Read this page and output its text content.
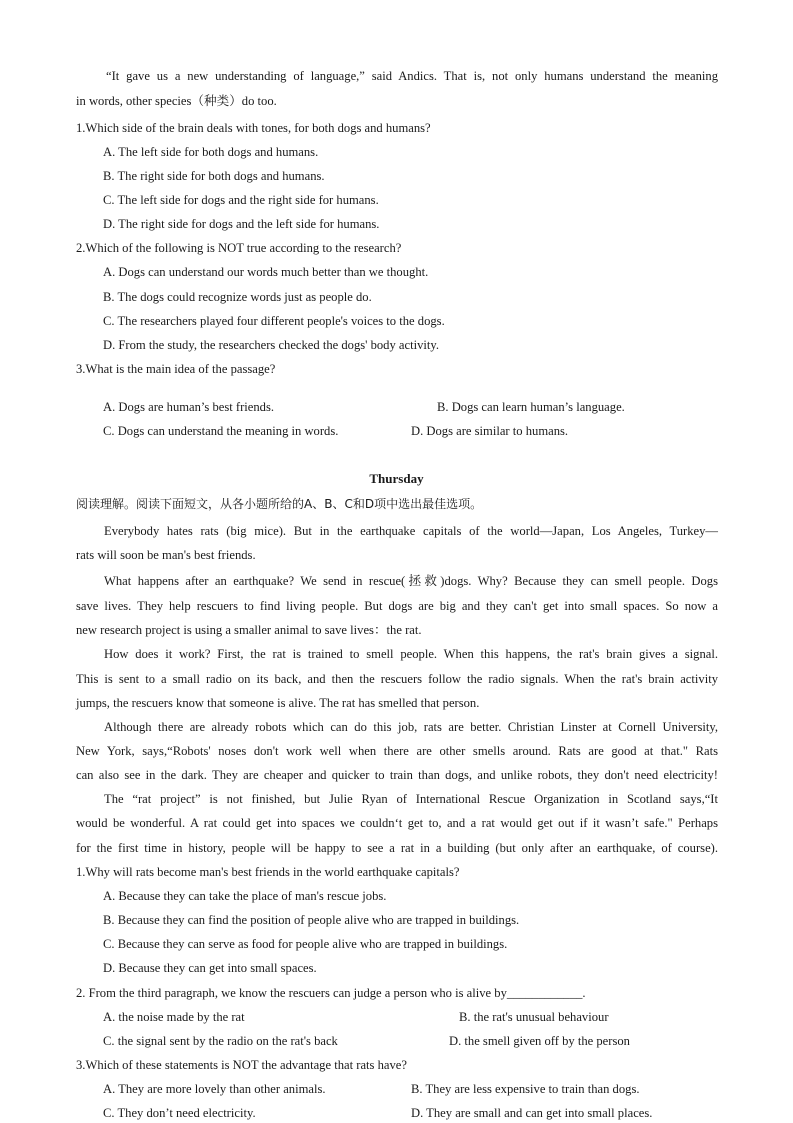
“It gave us a new understanding of language,” said Andics. That is, not only humans understand the meaning
in words, other species（种类）do too.
1.Which side of the brain deals with tones, for both dogs and humans?
A. The left side for both dogs and humans.
B. The right side for both dogs and humans.
C. The left side for dogs and the right side for humans.
D. The right side for dogs and the left side for humans.
2.Which of the following is NOT true according to the research?
A. Dogs can understand our words much better than we thought.
B. The dogs could recognize words just as people do.
C. The researchers played four different people's voices to the dogs.
D. From the study, the researchers checked the dogs' body activity.
3.What is the main idea of the passage?
A. Dogs are human’s best friends.	B. Dogs can learn human’s language.
C. Dogs can understand the meaning in words.	D. Dogs are similar to humans.
Thursday
阅读理解。阅读下面短文，从各小题所给的A、B、C和D项中选出最佳选项。
Everybody hates rats (big mice). But in the earthquake capitals of the world—Japan, Los Angeles, Turkey—
rats will soon be man's best friends.
What happens after an earthquake? We send in rescue(拯救)dogs. Why? Because they can smell people. Dogs
save lives. They help rescuers to find living people. But dogs are big and they can't get into small spaces. So now a
new research project is using a smaller animal to save lives：the rat.
How does it work? First, the rat is trained to smell people. When this happens, the rat's brain gives a signal.
This is sent to a small radio on its back, and then the rescuers follow the radio signals. When the rat's brain activity
jumps, the rescuers know that someone is alive. The rat has smelled that person.
Although there are already robots which can do this job, rats are better. Christian Linster at Cornell University,
New York, says,“Robots' noses don't work well when there are other smells around. Rats are good at that." Rats
can also see in the dark. They are cheaper and quicker to train than dogs, and unlike robots, they don't need electricity!
The “rat project” is not finished, but Julie Ryan of International Rescue Organization in Scotland says,“It
would be wonderful. A rat could get into spaces we couldn‘t get to, and a rat would get out if it wasn’t safe." Perhaps
for the first time in history, people will be happy to see a rat in a building (but only after an earthquake, of course).
1.Why will rats become man's best friends in the world earthquake capitals?
A. Because they can take the place of man's rescue jobs.
B. Because they can find the position of people alive who are trapped in buildings.
C. Because they can serve as food for people alive who are trapped in buildings.
D. Because they can get into small spaces.
2. From the third paragraph, we know the rescuers can judge a person who is alive by____________.
A. the noise made by the rat	B. the rat's unusual behaviour
C. the signal sent by the radio on the rat's back	D. the smell given off by the person
3.Which of these statements is NOT the advantage that rats have?
A. They are more lovely than other animals.	B. They are less expensive to train than dogs.
C. They don’t need electricity.	D. They are small and can get into small places.
